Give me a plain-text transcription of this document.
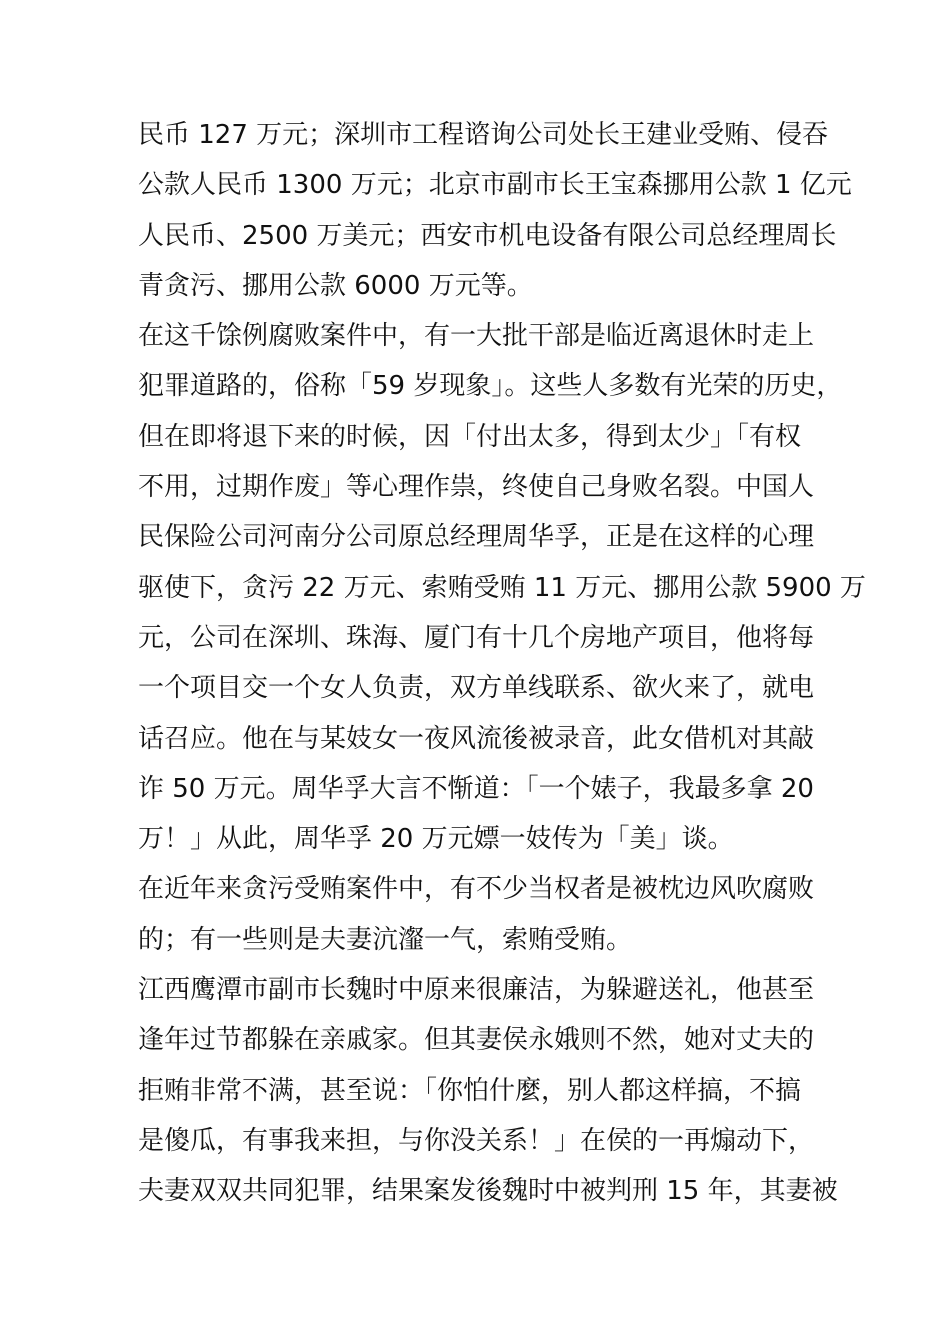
民币 127 万元；深圳市工程谘询公司处长王建业受贿、侵吞
公款人民币 1300 万元；北京市副市长王宝森挪用公款 1 亿元
人民币、2500 万美元；西安市机电设备有限公司总经理周长
青贪污、挪用公款 6000 万元等。
在这千馀例腐败案件中，有一大批干部是临近离退休时走上
犯罪道路的，俗称「59 岁现象」。这些人多数有光荣的历史，
但在即将退下来的时候，因「付出太多，得到太少」「有权
不用，过期作废」等心理作祟，终使自己身败名裂。中国人
民保险公司河南分公司原总经理周华孚，正是在这样的心理
驱使下，贪污 22 万元、索贿受贿 11 万元、挪用公款 5900 万
元，公司在深圳、珠海、厦门有十几个房地产项目，他将每
一个项目交一个女人负责，双方单线联系、欲火来了，就电
话召应。他在与某妓女一夜风流後被录音，此女借机对其敲
诈 50 万元。周华孚大言不惭道：「一个婊子，我最多拿 20
万！」从此，周华孚 20 万元嫖一妓传为「美」谈。
在近年来贪污受贿案件中，有不少当权者是被枕边风吹腐败
的；有一些则是夫妻沆瀣一气，索贿受贿。
江西鹰潭市副市长魏时中原来很廉洁，为躲避送礼，他甚至
逢年过节都躲在亲戚家。但其妻侯永娥则不然，她对丈夫的
拒贿非常不满，甚至说：「你怕什麼，别人都这样搞，不搞
是傻瓜，有事我来担，与你没关系！」在侯的一再煽动下，
夫妻双双共同犯罪，结果案发後魏时中被判刑 15 年，其妻被
